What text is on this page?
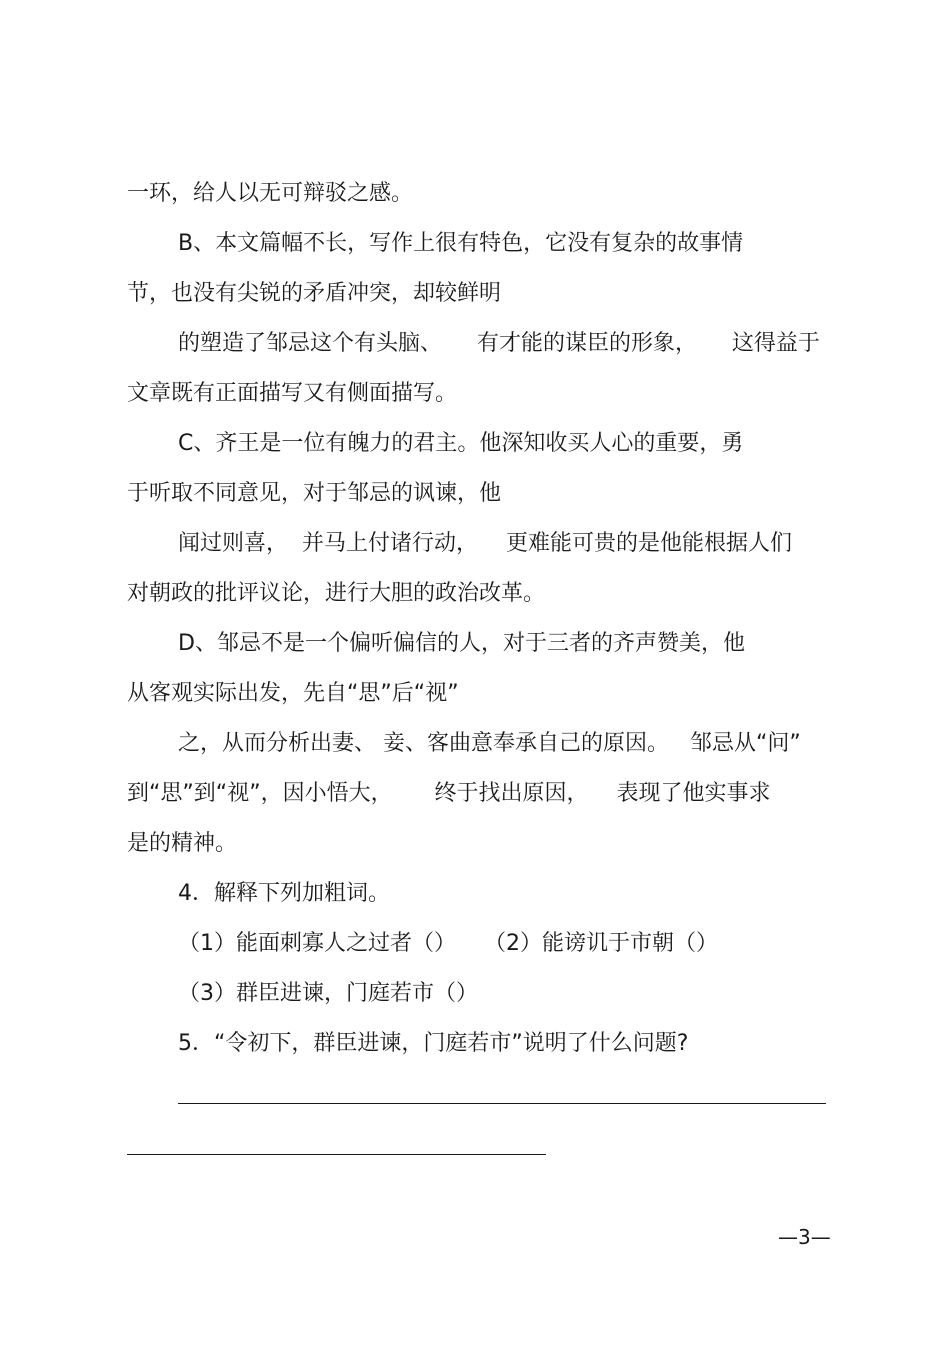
一环，给人以无可辩驳之感。

B、本文篇幅不长，写作上很有特色，它没有复杂的故事情

节，也没有尖锐的矛盾冲突，却较鲜明

的塑造了邹忌这个有头脑、     有才能的谋臣的形象，     这得益于

文章既有正面描写又有侧面描写。

C、齐王是一位有魄力的君主。他深知收买人心的重要，勇

于听取不同意见，对于邹忌的讽谏，他

闻过则喜，  并马上付诸行动，    更难能可贵的是他能根据人们

对朝政的批评议论，进行大胆的政治改革。

D、邹忌不是一个偏听偏信的人，对于三者的齐声赞美，他

从客观实际出发，先自“思”后“视”

之，从而分析出妻、 妾、客曲意奉承自己的原因。   邹忌从“问”

到“思”到“视”，因小悟大，      终于找出原因，    表现了他实事求

是的精神。

4．解释下列加粗词。

（1）能面刺寡人之过者（）    （2）能谤讥于市朝（）

（3）群臣进谏，门庭若市（）

5．“令初下，群臣进谏，门庭若市”说明了什么问题?

—3—
